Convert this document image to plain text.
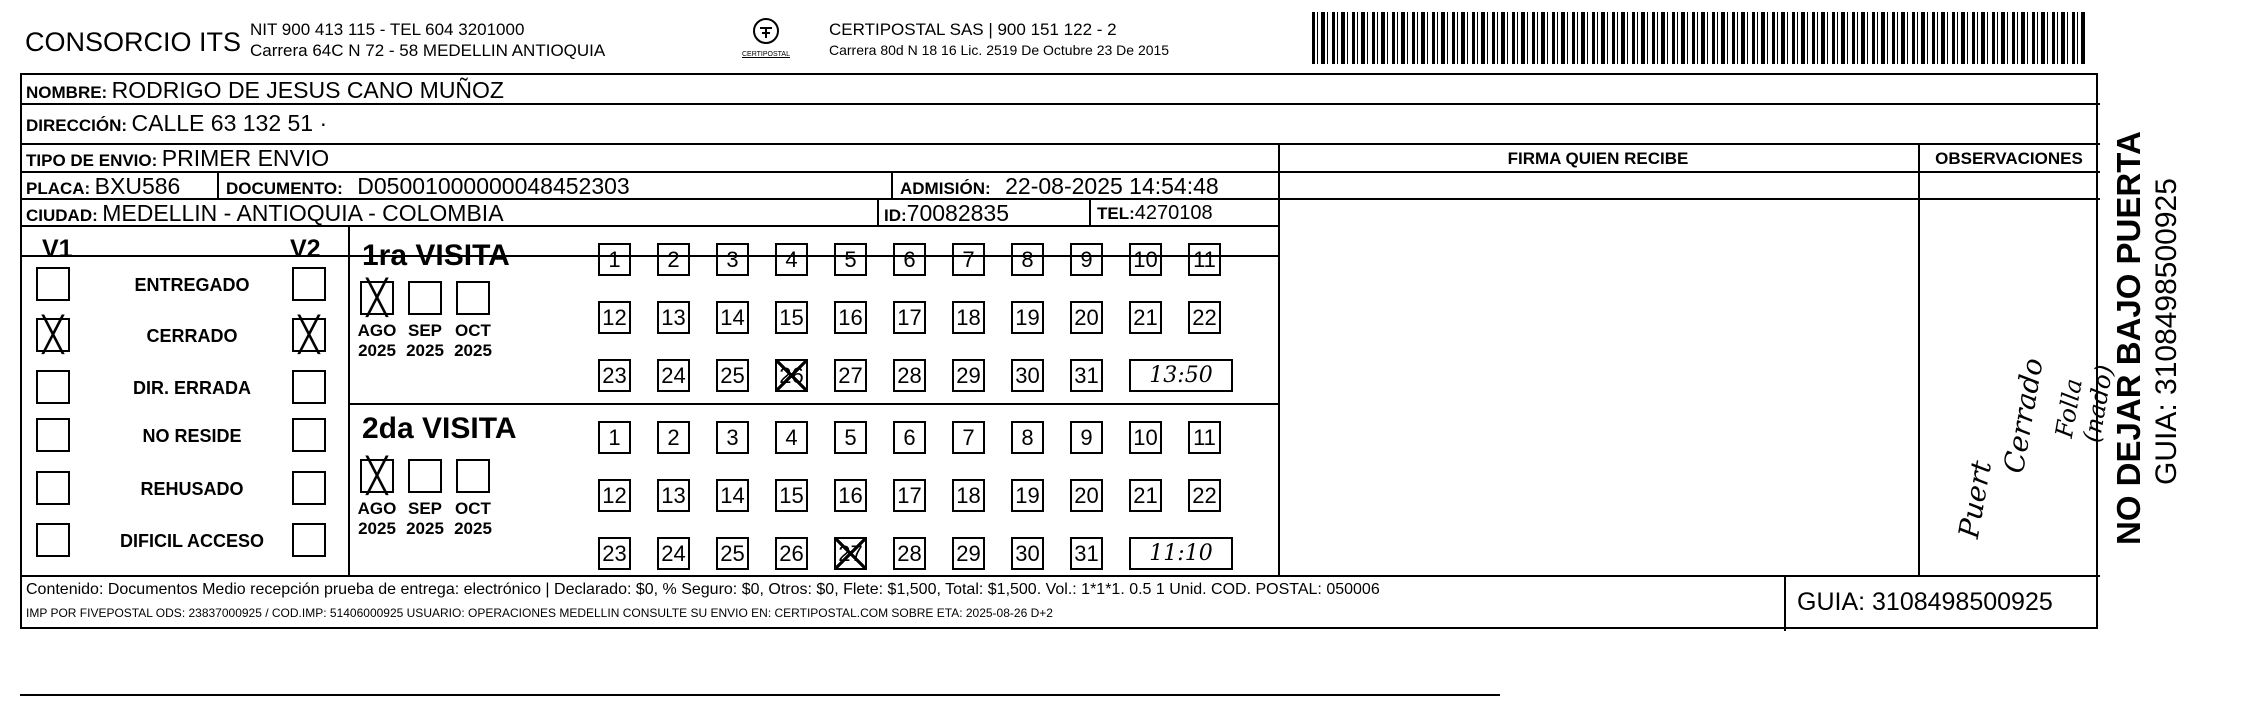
CONSORCIO ITS NIT 900 413 115 - TEL 604 3201000
Carrera 64C N 72 - 58 MEDELLIN ANTIOQUIA	CERTIPOSTAL
CERTIPOSTAL SAS | 900 151 122 - 2
Carrera 80d N 18 16 Lic. 2519 De Octubre 23 De 2015
NOMBRE: RODRIGO DE JESUS CANO MUÑOZ
DIRECCIÓN: CALLE 63 132 51 ·
TIPO DE ENVIO: PRIMER ENVIO
PLACA: BXU586	DOCUMENTO: D05001000000048452303	ADMISIÓN: 22-08-2025 14:54:48
CIUDAD: MEDELLIN - ANTIOQUIA - COLOMBIA	ID:70082835	TEL:4270108
FIRMA QUIEN RECIBE	OBSERVACIONES
Puert
Cerrado Folla (nado)
V1	V2
ENTREGADO
╳	CERRADO	╳
DIR. ERRADA
NO RESIDE
REHUSADO
DIFICIL ACCESO
1ra VISITA
2da VISITA
╳
AGO
2025
SEP
2025
OCT
2025
1	2	3	4	5	6	7	8	9	10 11
12 13 14 15 16 17 18 19 20 21 22
23 24 25 26 27 28 29 30 31	13:50
╳
AGO
2025
SEP
2025
OCT
2025
1	2	3	4	5	6	7	8	9	10 11
12 13 14 15 16 17 18 19 20 21 22
23 24 25 26 27 28 29 30 31	11:10
Contenido: Documentos Medio recepción prueba de entrega: electrónico | Declarado: $0, % Seguro: $0, Otros: $0, Flete: $1,500, Total: $1,500. Vol.: 1*1*1. 0.5 1 Unid. COD. POSTAL: 050006
IMP POR FIVEPOSTAL ODS: 23837000925 / COD.IMP: 51406000925 USUARIO: OPERACIONES MEDELLIN CONSULTE SU ENVIO EN: CERTIPOSTAL.COM SOBRE ETA: 2025-08-26 D+2	GUIA: 3108498500925
NO DEJAR BAJO PUERTA GUIA: 3108498500925
